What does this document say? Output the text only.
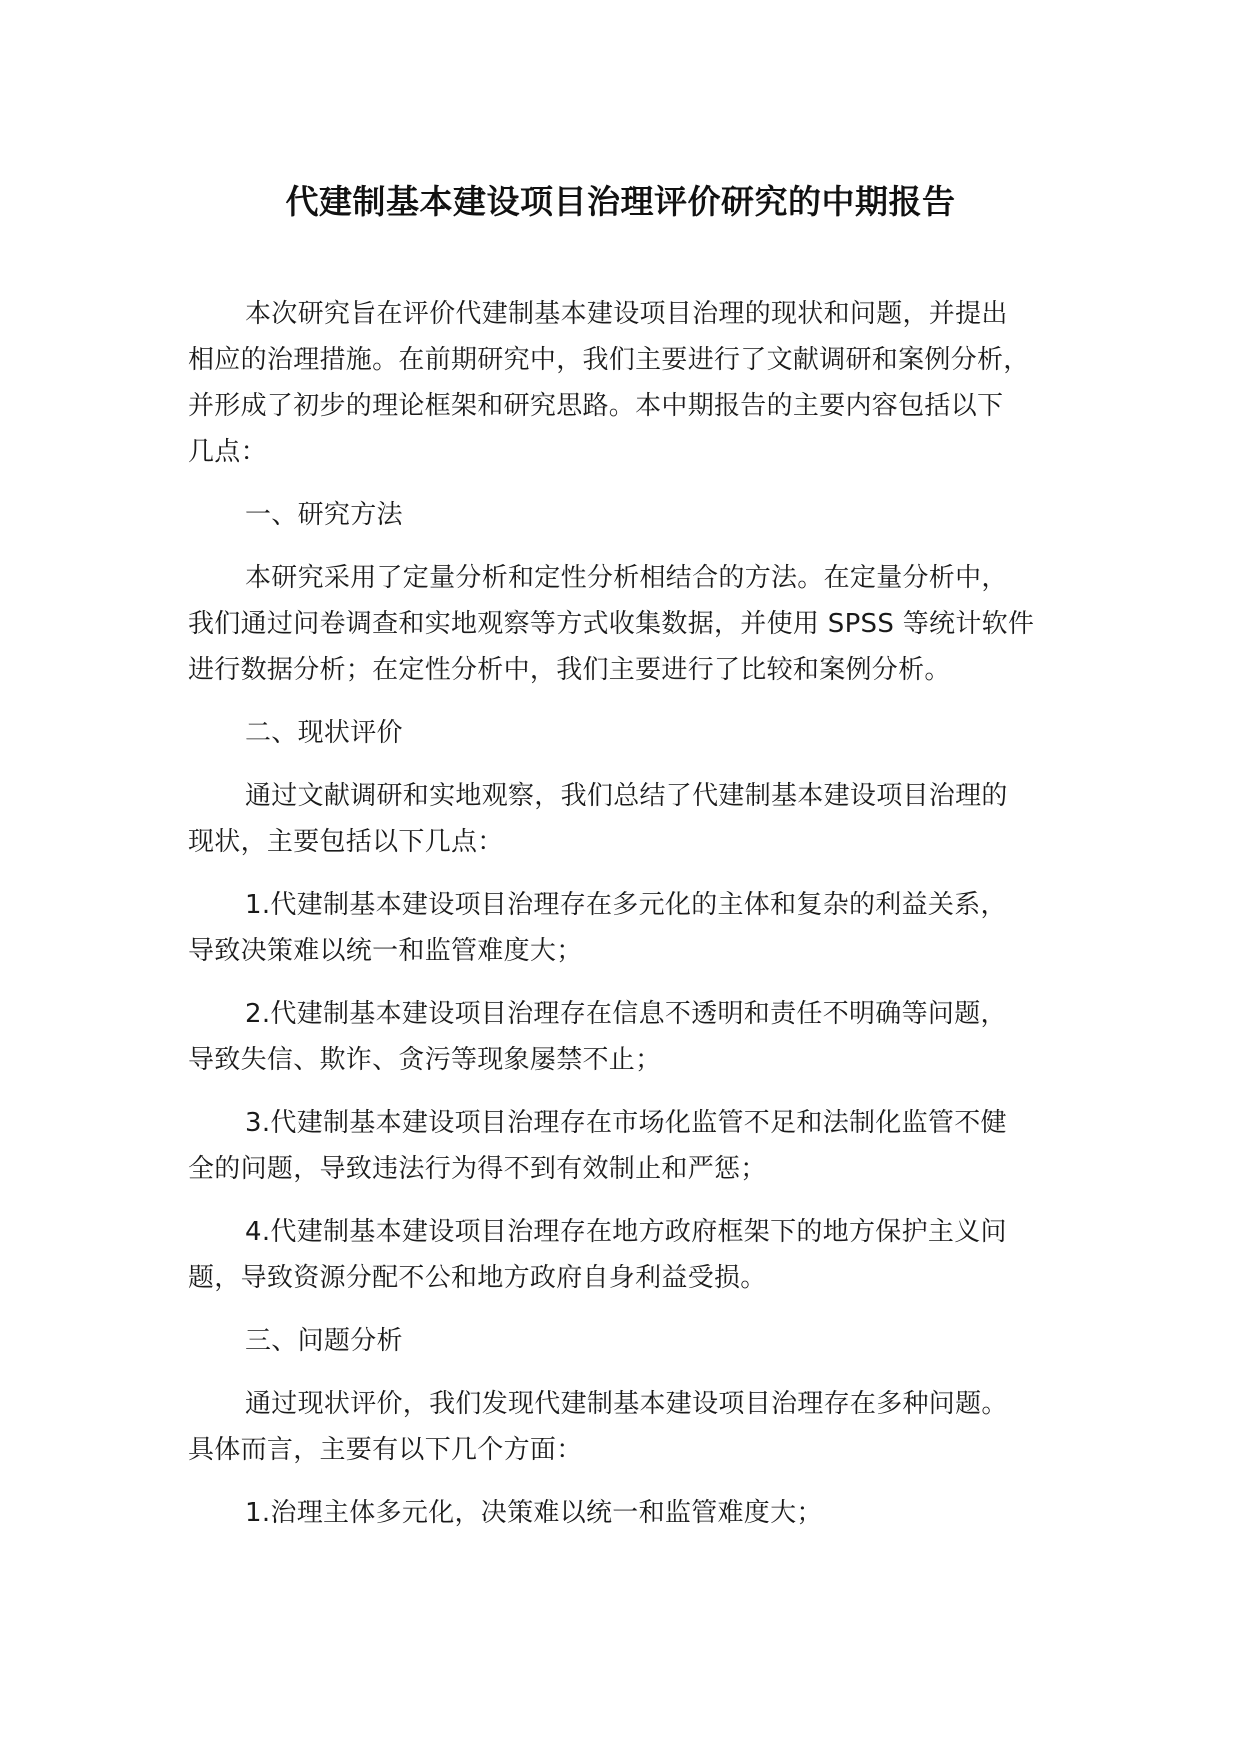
代建制基本建设项目治理评价研究的中期报告

本次研究旨在评价代建制基本建设项目治理的现状和问题，并提出
相应的治理措施。在前期研究中，我们主要进行了文献调研和案例分析，
并形成了初步的理论框架和研究思路。本中期报告的主要内容包括以下
几点：

一、研究方法

本研究采用了定量分析和定性分析相结合的方法。在定量分析中，
我们通过问卷调查和实地观察等方式收集数据，并使用 SPSS 等统计软件
进行数据分析；在定性分析中，我们主要进行了比较和案例分析。

二、现状评价

通过文献调研和实地观察，我们总结了代建制基本建设项目治理的
现状，主要包括以下几点：

1.代建制基本建设项目治理存在多元化的主体和复杂的利益关系，
导致决策难以统一和监管难度大；

2.代建制基本建设项目治理存在信息不透明和责任不明确等问题，
导致失信、欺诈、贪污等现象屡禁不止；

3.代建制基本建设项目治理存在市场化监管不足和法制化监管不健
全的问题，导致违法行为得不到有效制止和严惩；

4.代建制基本建设项目治理存在地方政府框架下的地方保护主义问
题，导致资源分配不公和地方政府自身利益受损。

三、问题分析

通过现状评价，我们发现代建制基本建设项目治理存在多种问题。
具体而言，主要有以下几个方面：

1.治理主体多元化，决策难以统一和监管难度大；
